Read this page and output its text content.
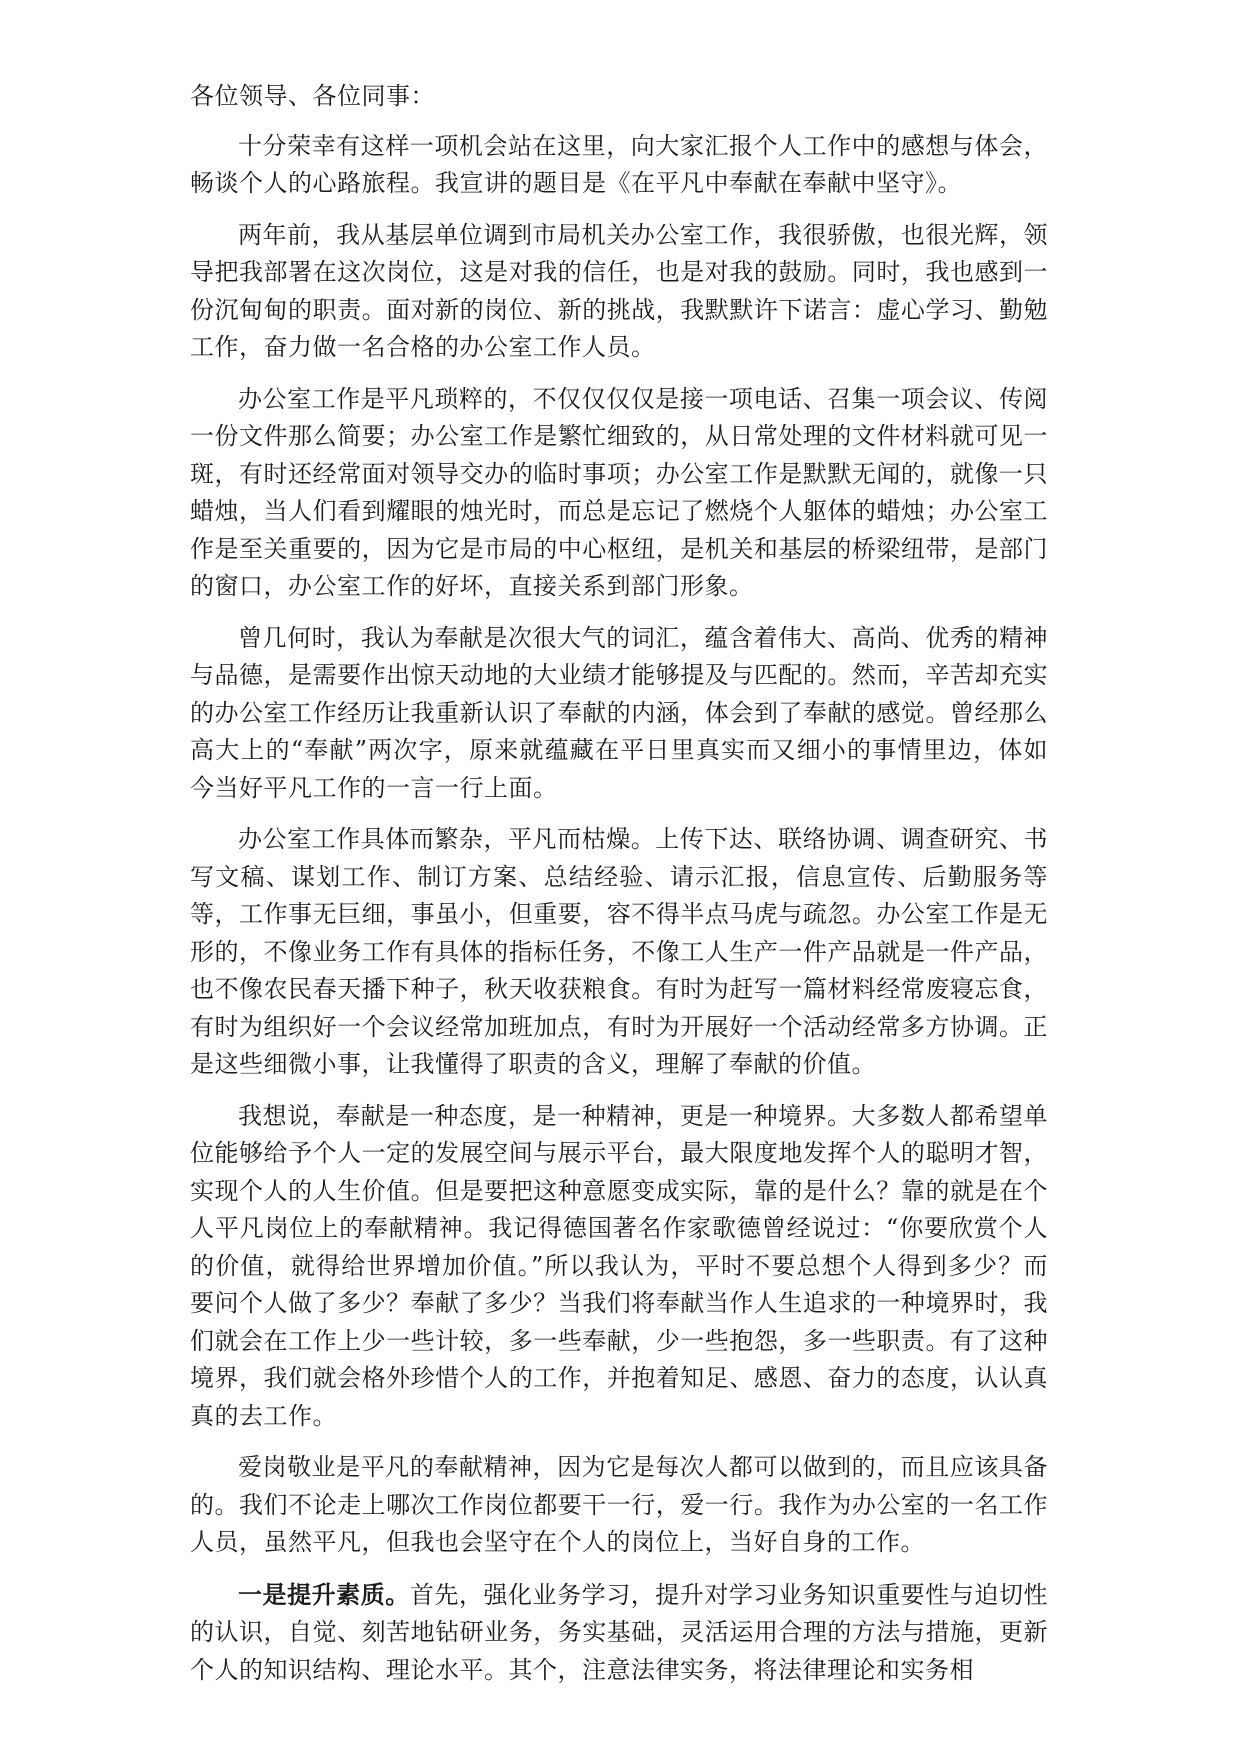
各位领导、各位同事：

十分荣幸有这样一项机会站在这里，向大家汇报个人工作中的感想与体会，畅谈个人的心路旅程。我宣讲的题目是《在平凡中奉献在奉献中坚守》。

两年前，我从基层单位调到市局机关办公室工作，我很骄傲，也很光辉，领导把我部署在这次岗位，这是对我的信任，也是对我的鼓励。同时，我也感到一份沉甸甸的职责。面对新的岗位、新的挑战，我默默许下诺言：虚心学习、勤勉工作，奋力做一名合格的办公室工作人员。

办公室工作是平凡琐粹的，不仅仅仅仅是接一项电话、召集一项会议、传阅一份文件那么简要；办公室工作是繁忙细致的，从日常处理的文件材料就可见一斑，有时还经常面对领导交办的临时事项；办公室工作是默默无闻的，就像一只蜡烛，当人们看到耀眼的烛光时，而总是忘记了燃烧个人躯体的蜡烛；办公室工作是至关重要的，因为它是市局的中心枢纽，是机关和基层的桥梁纽带，是部门的窗口，办公室工作的好坏，直接关系到部门形象。

曾几何时，我认为奉献是次很大气的词汇，蕴含着伟大、高尚、优秀的精神与品德，是需要作出惊天动地的大业绩才能够提及与匹配的。然而，辛苦却充实的办公室工作经历让我重新认识了奉献的内涵，体会到了奉献的感觉。曾经那么高大上的“奉献”两次字，原来就蕴藏在平日里真实而又细小的事情里边，体如今当好平凡工作的一言一行上面。

办公室工作具体而繁杂，平凡而枯燥。上传下达、联络协调、调查研究、书写文稿、谋划工作、制订方案、总结经验、请示汇报，信息宣传、后勤服务等等，工作事无巨细，事虽小，但重要，容不得半点马虎与疏忽。办公室工作是无形的，不像业务工作有具体的指标任务，不像工人生产一件产品就是一件产品，也不像农民春天播下种子，秋天收获粮食。有时为赶写一篇材料经常废寝忘食，有时为组织好一个会议经常加班加点，有时为开展好一个活动经常多方协调。正是这些细微小事，让我懂得了职责的含义，理解了奉献的价值。

我想说，奉献是一种态度，是一种精神，更是一种境界。大多数人都希望单位能够给予个人一定的发展空间与展示平台，最大限度地发挥个人的聪明才智，实现个人的人生价值。但是要把这种意愿变成实际，靠的是什么？靠的就是在个人平凡岗位上的奉献精神。我记得德国著名作家歌德曾经说过：“你要欣赏个人的价值，就得给世界增加价值。”所以我认为，平时不要总想个人得到多少？而要问个人做了多少？奉献了多少？当我们将奉献当作人生追求的一种境界时，我们就会在工作上少一些计较，多一些奉献，少一些抱怨，多一些职责。有了这种境界，我们就会格外珍惜个人的工作，并抱着知足、感恩、奋力的态度，认认真真的去工作。

爱岗敬业是平凡的奉献精神，因为它是每次人都可以做到的，而且应该具备的。我们不论走上哪次工作岗位都要干一行，爱一行。我作为办公室的一名工作人员，虽然平凡，但我也会坚守在个人的岗位上，当好自身的工作。

一是提升素质。首先，强化业务学习，提升对学习业务知识重要性与迫切性的认识，自觉、刻苦地钻研业务，务实基础，灵活运用合理的方法与措施，更新个人的知识结构、理论水平。其个，注意法律实务，将法律理论和实务相
